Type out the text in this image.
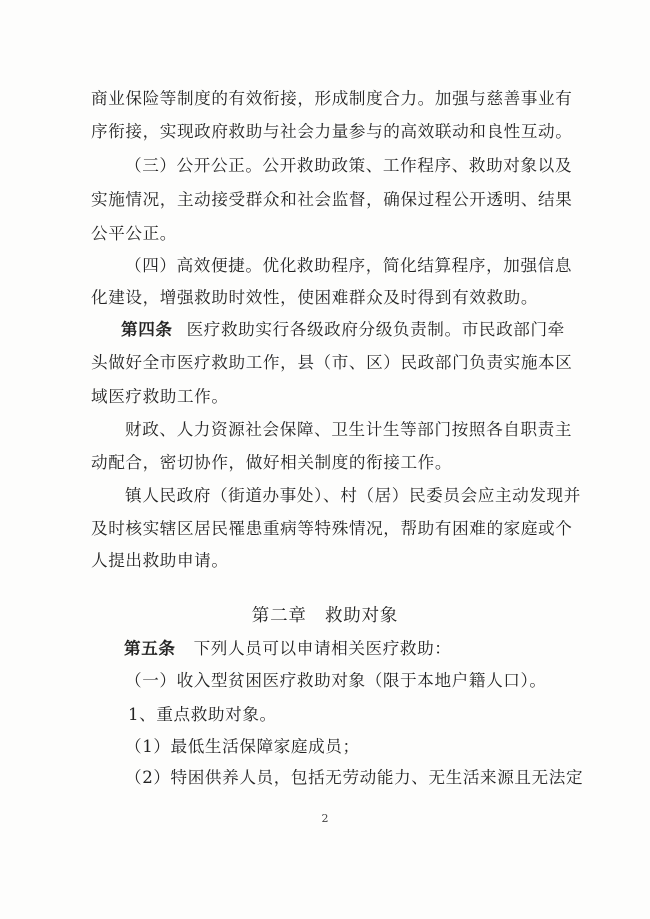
商业保险等制度的有效衔接，形成制度合力。加强与慈善事业有
序衔接，实现政府救助与社会力量参与的高效联动和良性互动。
（三）公开公正。公开救助政策、工作程序、救助对象以及
实施情况，主动接受群众和社会监督，确保过程公开透明、结果
公平公正。
（四）高效便捷。优化救助程序，简化结算程序，加强信息
化建设，增强救助时效性，使困难群众及时得到有效救助。
第四条 医疗救助实行各级政府分级负责制。市民政部门牵
头做好全市医疗救助工作，县（市、区）民政部门负责实施本区
域医疗救助工作。
财政、人力资源社会保障、卫生计生等部门按照各自职责主
动配合，密切协作，做好相关制度的衔接工作。
镇人民政府（街道办事处）、村（居）民委员会应主动发现并
及时核实辖区居民罹患重病等特殊情况，帮助有困难的家庭或个
人提出救助申请。
第二章　救助对象
第五条 下列人员可以申请相关医疗救助：
（一）收入型贫困医疗救助对象（限于本地户籍人口）。
1、重点救助对象。
（1）最低生活保障家庭成员；
（2）特困供养人员，包括无劳动能力、无生活来源且无法定
2
